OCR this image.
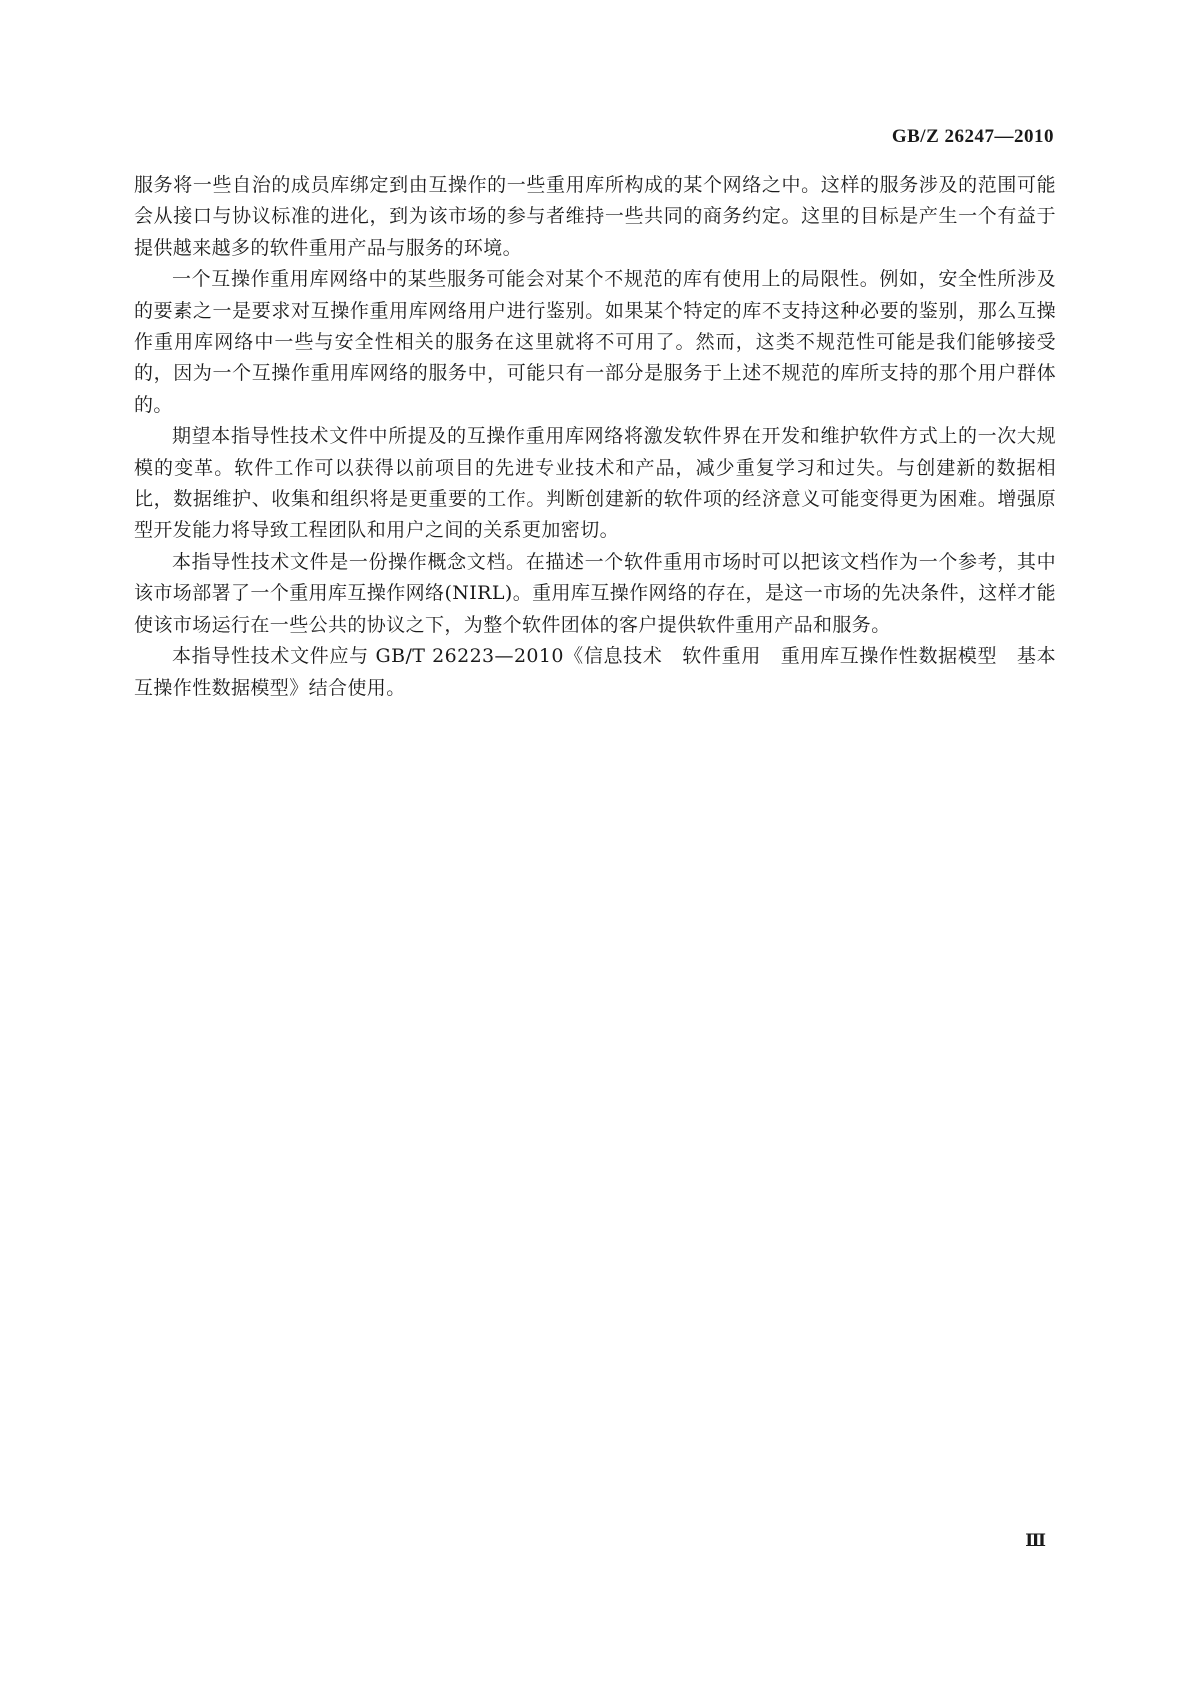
GB/Z 26247—2010

服务将一些自治的成员库绑定到由互操作的一些重用库所构成的某个网络之中。这样的服务涉及的范围可能会从接口与协议标准的进化，到为该市场的参与者维持一些共同的商务约定。这里的目标是产生一个有益于提供越来越多的软件重用产品与服务的环境。

一个互操作重用库网络中的某些服务可能会对某个不规范的库有使用上的局限性。例如，安全性所涉及的要素之一是要求对互操作重用库网络用户进行鉴别。如果某个特定的库不支持这种必要的鉴别，那么互操作重用库网络中一些与安全性相关的服务在这里就将不可用了。然而，这类不规范性可能是我们能够接受的，因为一个互操作重用库网络的服务中，可能只有一部分是服务于上述不规范的库所支持的那个用户群体的。

期望本指导性技术文件中所提及的互操作重用库网络将激发软件界在开发和维护软件方式上的一次大规模的变革。软件工作可以获得以前项目的先进专业技术和产品，减少重复学习和过失。与创建新的数据相比，数据维护、收集和组织将是更重要的工作。判断创建新的软件项的经济意义可能变得更为困难。增强原型开发能力将导致工程团队和用户之间的关系更加密切。

本指导性技术文件是一份操作概念文档。在描述一个软件重用市场时可以把该文档作为一个参考，其中该市场部署了一个重用库互操作网络(NIRL)。重用库互操作网络的存在，是这一市场的先决条件，这样才能使该市场运行在一些公共的协议之下，为整个软件团体的客户提供软件重用产品和服务。

本指导性技术文件应与 GB/T 26223—2010《信息技术　软件重用　重用库互操作性数据模型　基本互操作性数据模型》结合使用。

Ⅲ
